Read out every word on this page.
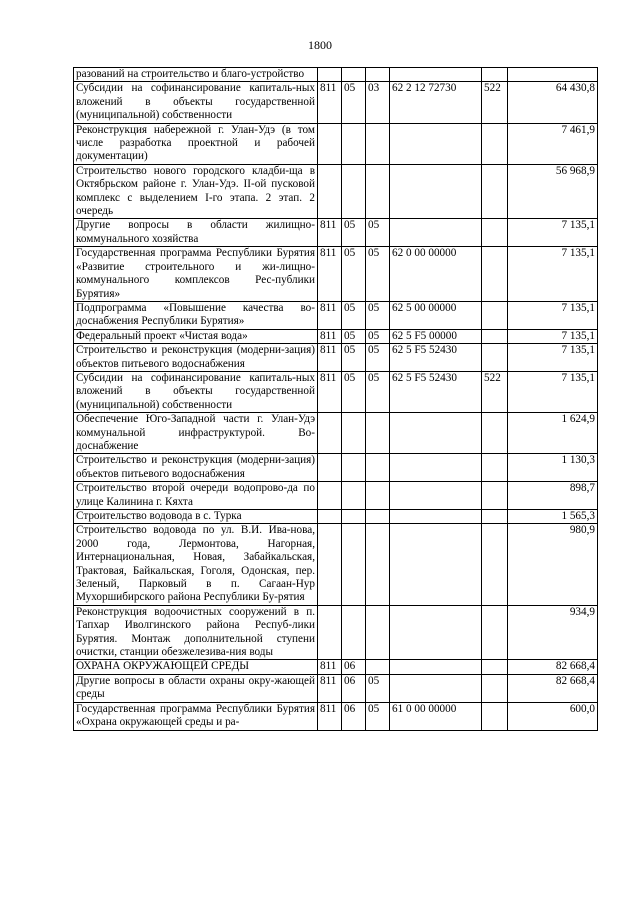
1800
разований на строительство и благо-устройство						
Субсидии на софинансирование капиталь-ных вложений в объекты государственной (муниципальной) собственности	811	05	03	62 2 12 72730	522	64 430,8
Реконструкция набережной г. Улан-Удэ (в том числе разработка проектной и рабочей документации)						7 461,9
Строительство нового городского кладби-ща в Октябрьском районе г. Улан-Удэ. II-ой пусковой комплекс с выделением I-го этапа. 2 этап. 2 очередь						56 968,9
Другие вопросы в области жилищно-коммунального хозяйства	811	05	05			7 135,1
Государственная программа Республики Бурятия «Развитие строительного и жи-лищно-коммунального комплексов Рес-публики Бурятия»	811	05	05	62 0 00 00000		7 135,1
Подпрограмма «Повышение качества во-доснабжения Республики Бурятия»	811	05	05	62 5 00 00000		7 135,1
Федеральный проект «Чистая вода»	811	05	05	62 5 F5 00000		7 135,1
Строительство и реконструкция (модерни-зация) объектов питьевого водоснабжения	811	05	05	62 5 F5 52430		7 135,1
Субсидии на софинансирование капиталь-ных вложений в объекты государственной (муниципальной) собственности	811	05	05	62 5 F5 52430	522	7 135,1
Обеспечение Юго-Западной части г. Улан-Удэ коммунальной инфраструктурой. Во-доснабжение						1 624,9
Строительство и реконструкция (модерни-зация) объектов питьевого водоснабжения						1 130,3
Строительство второй очереди водопрово-да по улице Калинина г. Кяхта						898,7
Строительство водовода в с. Турка						1 565,3
Строительство водовода по ул. В.И. Ива-нова, 2000 года, Лермонтова, Нагорная, Интернациональная, Новая, Забайкальская, Трактовая, Байкальская, Гоголя, Одонская, пер. Зеленый, Парковый в п. Сагаан-Нур Мухоршибирского района Республики Бу-рятия						980,9
Реконструкция водоочистных сооружений в п. Тапхар Иволгинского района Респуб-лики Бурятия. Монтаж дополнительной ступени очистки, станции обезжелезива-ния воды						934,9
ОХРАНА ОКРУЖАЮЩЕЙ СРЕДЫ	811	06				82 668,4
Другие вопросы в области охраны окру-жающей среды	811	06	05			82 668,4
Государственная программа Республики Бурятия «Охрана окружающей среды и ра-	811	06	05	61 0 00 00000		600,0
